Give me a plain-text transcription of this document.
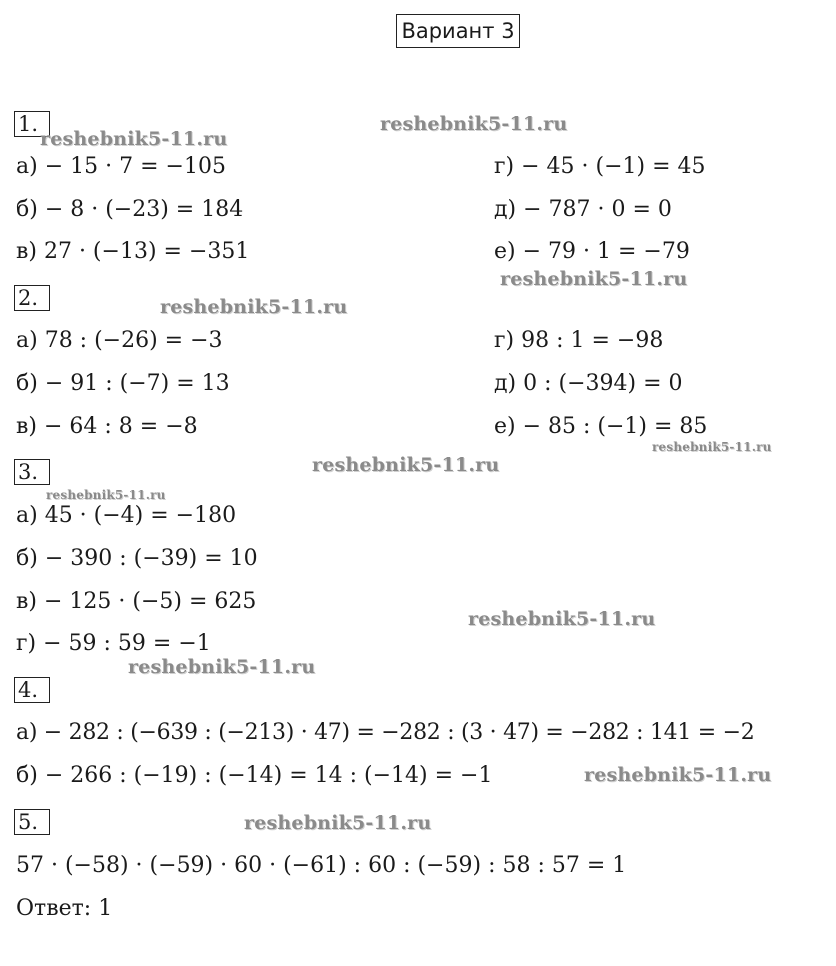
Вариант 3
1.
а) − 15 · 7 = −105
б) − 8 · (−23) = 184
в) 27 · (−13) = −351
г) − 45 · (−1) = 45
д) − 787 · 0 = 0
е) − 79 · 1 = −79
2.
а) 78 : (−26) = −3
б) − 91 : (−7) = 13
в) − 64 : 8 = −8
г) 98 : 1 = −98
д) 0 : (−394) = 0
е) − 85 : (−1) = 85
3.
а) 45 · (−4) = −180
б) − 390 : (−39) = 10
в) − 125 · (−5) = 625
г) − 59 : 59 = −1
4.
а) − 282 : (−639 : (−213) · 47) = −282 : (3 · 47) = −282 : 141 = −2
б) − 266 : (−19) : (−14) = 14 : (−14) = −1
5.
57 · (−58) · (−59) · 60 · (−61) : 60 : (−59) : 58 : 57 = 1
Ответ: 1
reshebnik5-11.ru
reshebnik5-11.ru
reshebnik5-11.ru
reshebnik5-11.ru
reshebnik5-11.ru
reshebnik5-11.ru
reshebnik5-11.ru
reshebnik5-11.ru
reshebnik5-11.ru
reshebnik5-11.ru
reshebnik5-11.ru
